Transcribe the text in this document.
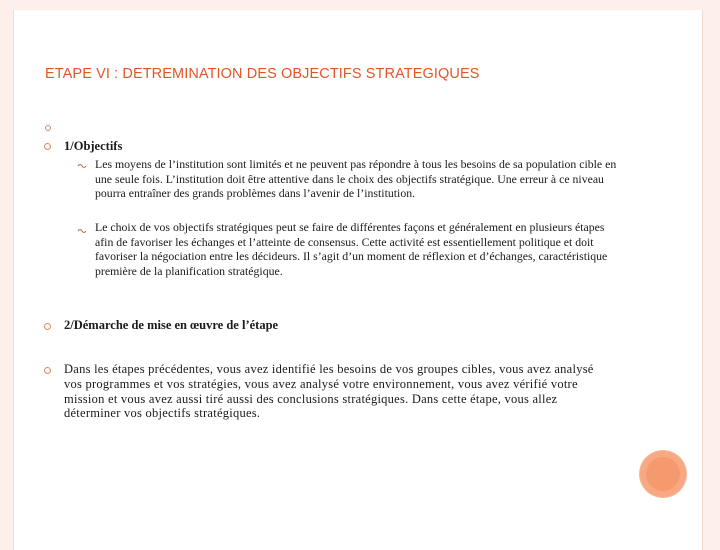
ETAPE VI : DETREMINATION DES OBJECTIFS STRATEGIQUES
1/Objectifs
Les moyens de l’institution sont limités et ne peuvent pas répondre à tous les besoins de sa population cible en une seule fois. L’institution doit être attentive dans le choix des objectifs stratégique. Une erreur à ce niveau pourra entraîner des grands problèmes dans l’avenir de l’institution.
Le choix de vos objectifs stratégiques peut se faire de différentes façons et généralement en plusieurs étapes afin de favoriser les échanges et l’atteinte de consensus. Cette activité est essentiellement politique et doit favoriser la négociation entre les décideurs. Il s’agit d’un moment de réflexion et d’échanges, caractéristique première de la planification stratégique.
2/Démarche de mise en œuvre de l’étape
Dans les étapes précédentes, vous avez identifié les besoins de vos groupes cibles, vous avez analysé vos programmes et vos stratégies, vous avez analysé votre environnement, vous avez vérifié votre mission et vous avez aussi tiré aussi des conclusions stratégiques. Dans cette étape, vous allez déterminer vos objectifs stratégiques.
